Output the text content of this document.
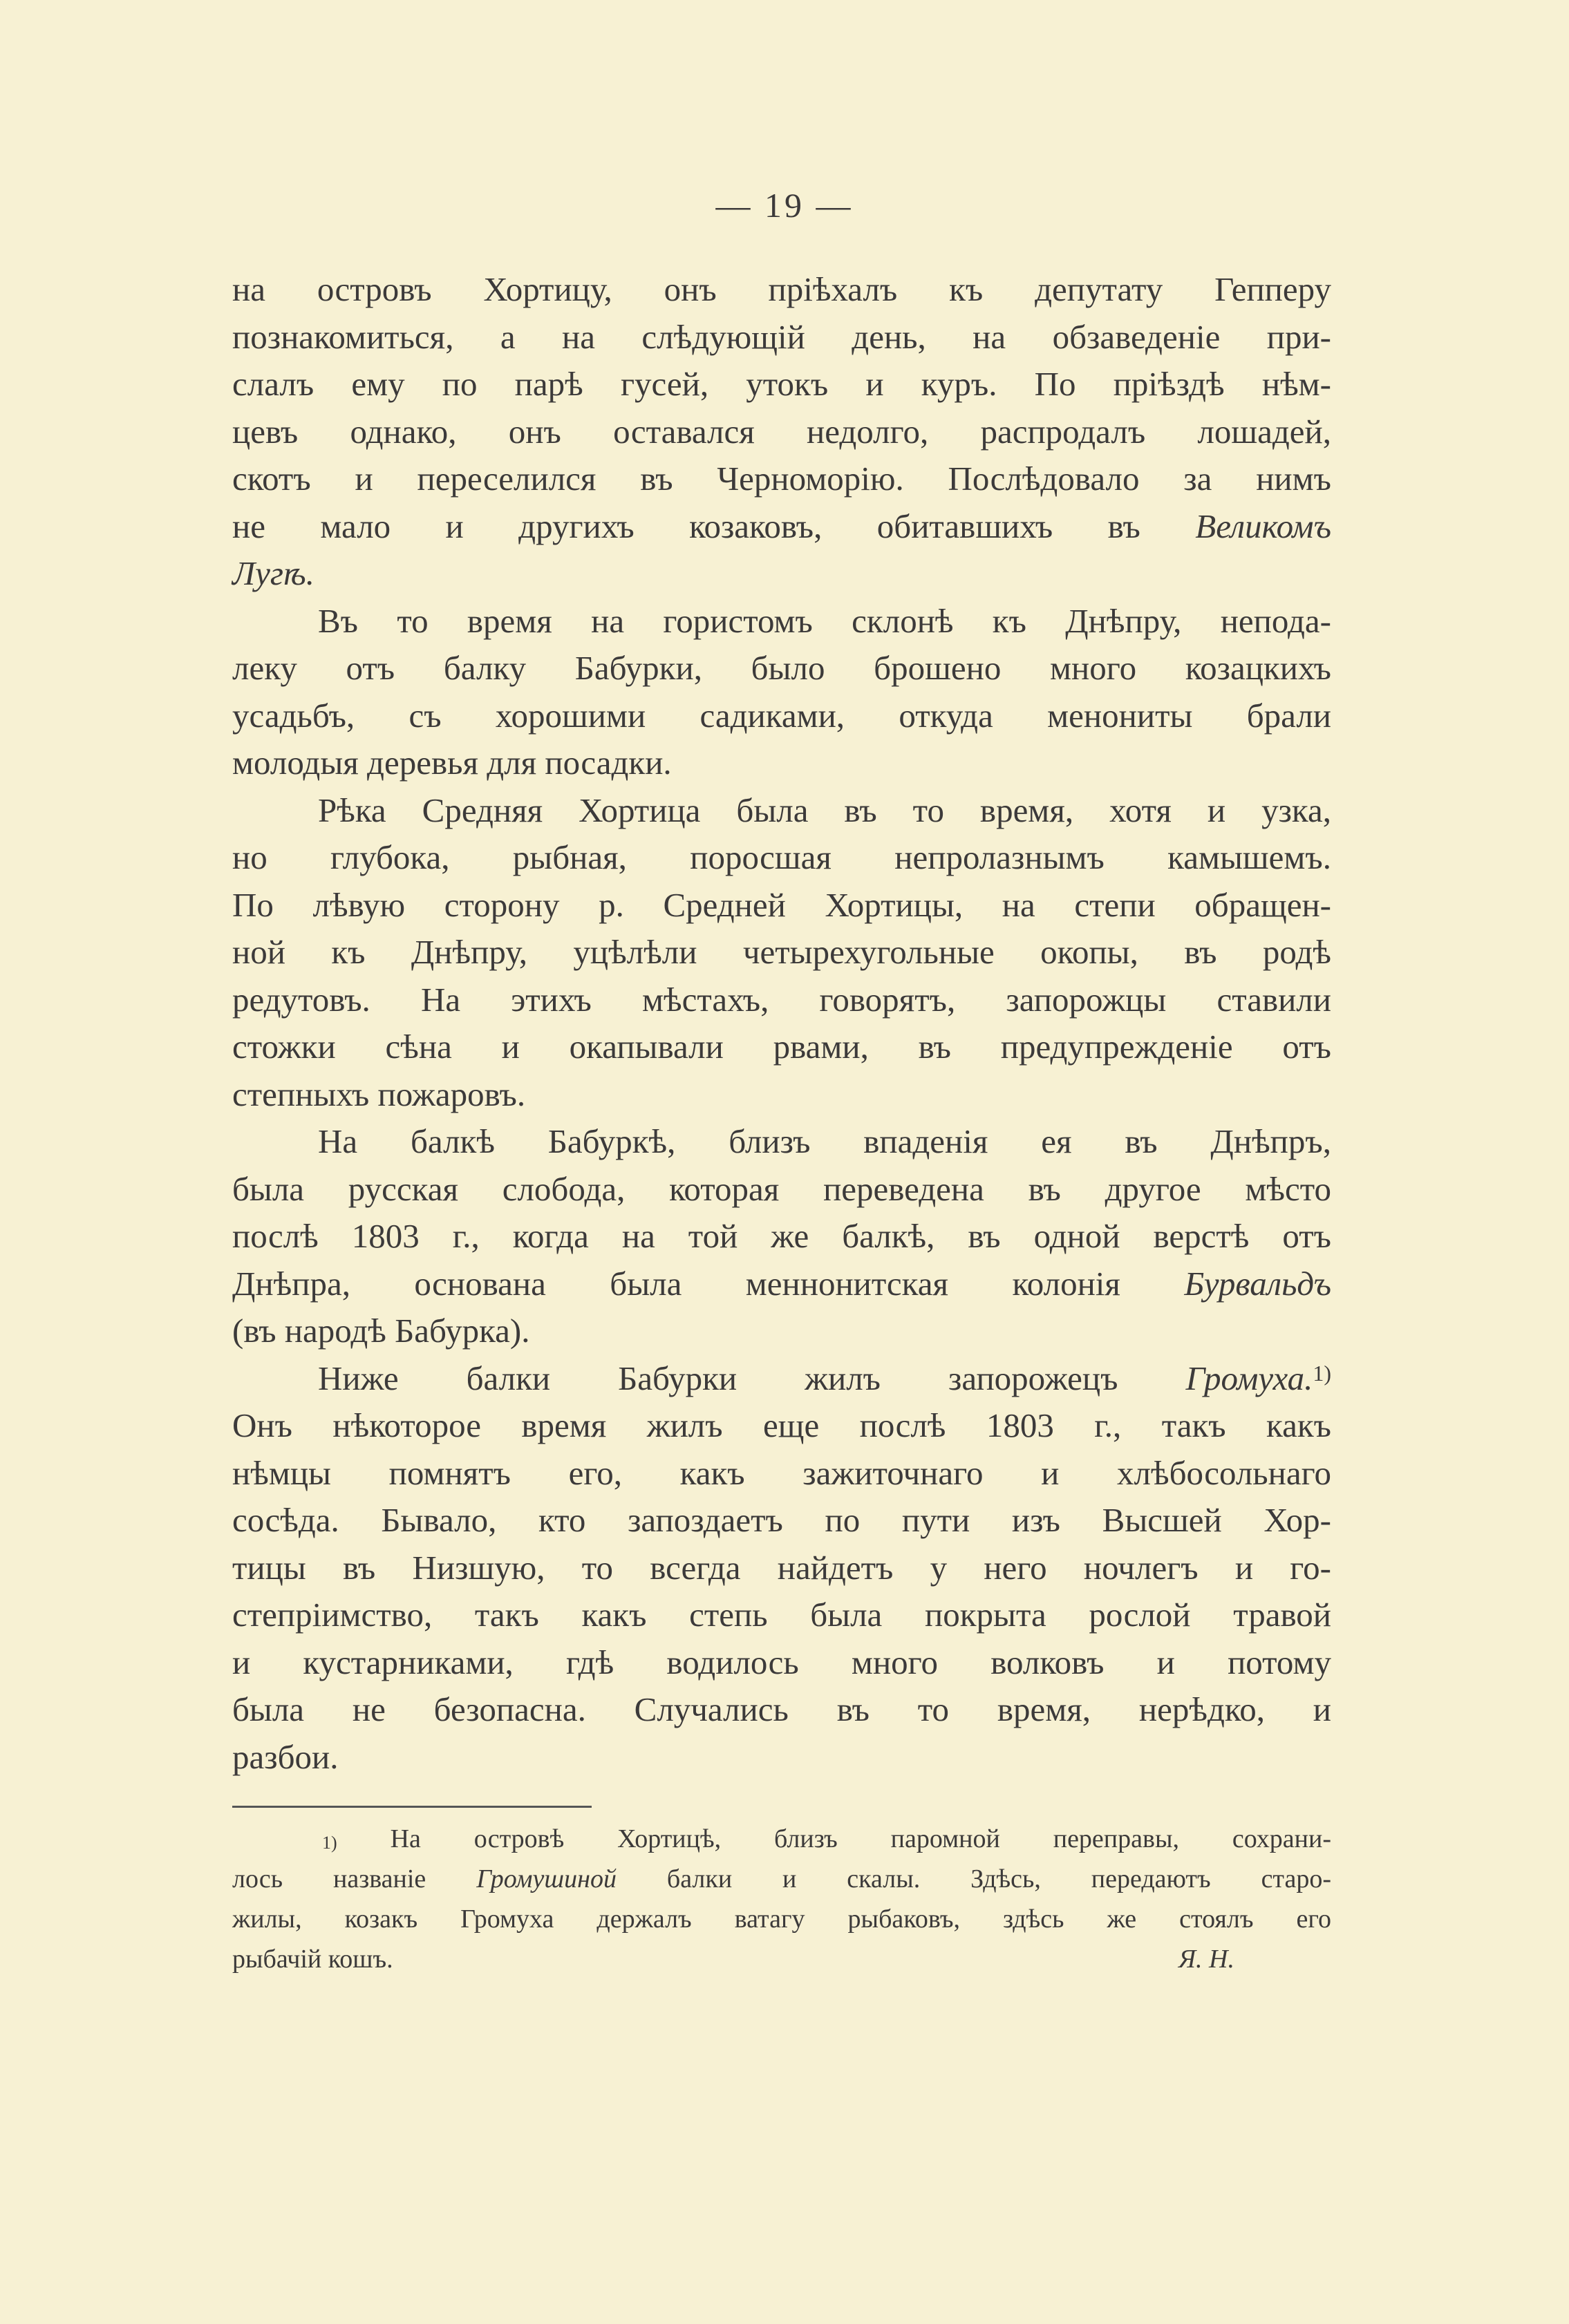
— 19 —
на островъ Хортицу, онъ пріѣхалъ къ депутату Гепперу
познакомиться, а на слѣдующій день, на обзаведеніе при-
слалъ ему по парѣ гусей, утокъ и куръ. По пріѣздѣ нѣм-
цевъ однако, онъ оставался недолго, распродалъ лошадей,
скотъ и переселился въ Черноморію. Послѣдовало за нимъ
не мало и другихъ козаковъ, обитавшихъ въ Великомъ
Лугѣ.
Въ то время на гористомъ склонѣ къ Днѣпру, непода-
леку отъ балку Бабурки, было брошено много козацкихъ
усадьбъ, съ хорошими садиками, откуда менониты брали
молодыя деревья для посадки.
Рѣка Средняя Хортица была въ то время, хотя и узка,
но глубока, рыбная, поросшая непролазнымъ камышемъ.
По лѣвую сторону р. Средней Хортицы, на степи обращен-
ной къ Днѣпру, уцѣлѣли четырехугольные окопы, въ родѣ
редутовъ. На этихъ мѣстахъ, говорятъ, запорожцы ставили
стожки сѣна и окапывали рвами, въ предупрежденіе отъ
степныхъ пожаровъ.
На балкѣ Бабуркѣ, близъ впаденія ея въ Днѣпръ,
была русская слобода, которая переведена въ другое мѣсто
послѣ 1803 г., когда на той же балкѣ, въ одной верстѣ отъ
Днѣпра, основана была меннонитская колонія Бурвальдъ
(въ народѣ Бабурка).
Ниже балки Бабурки жилъ запорожецъ Громуха.$^{1)}$
Онъ нѣкоторое время жилъ еще послѣ 1803 г., такъ какъ
нѣмцы помнятъ его, какъ зажиточнаго и хлѣбосольнаго
сосѣда. Бывало, кто запоздаетъ по пути изъ Высшей Хор-
тицы въ Низшую, то всегда найдетъ у него ночлегъ и го-
степріимство, такъ какъ степь была покрыта рослой травой
и кустарниками, гдѣ водилось много волковъ и потому
была не безопасна. Случались въ то время, нерѣдко, и
разбои.
$^{1)}$ На островѣ Хортицѣ, близъ паромной переправы, сохрани-
лось названіе Громушиной балки и скалы. Здѣсь, передаютъ старо-
жилы, козакъ Громуха держалъ ватагу рыбаковъ, здѣсь же стоялъ его
рыбачій кошъ.	Я. Н.
